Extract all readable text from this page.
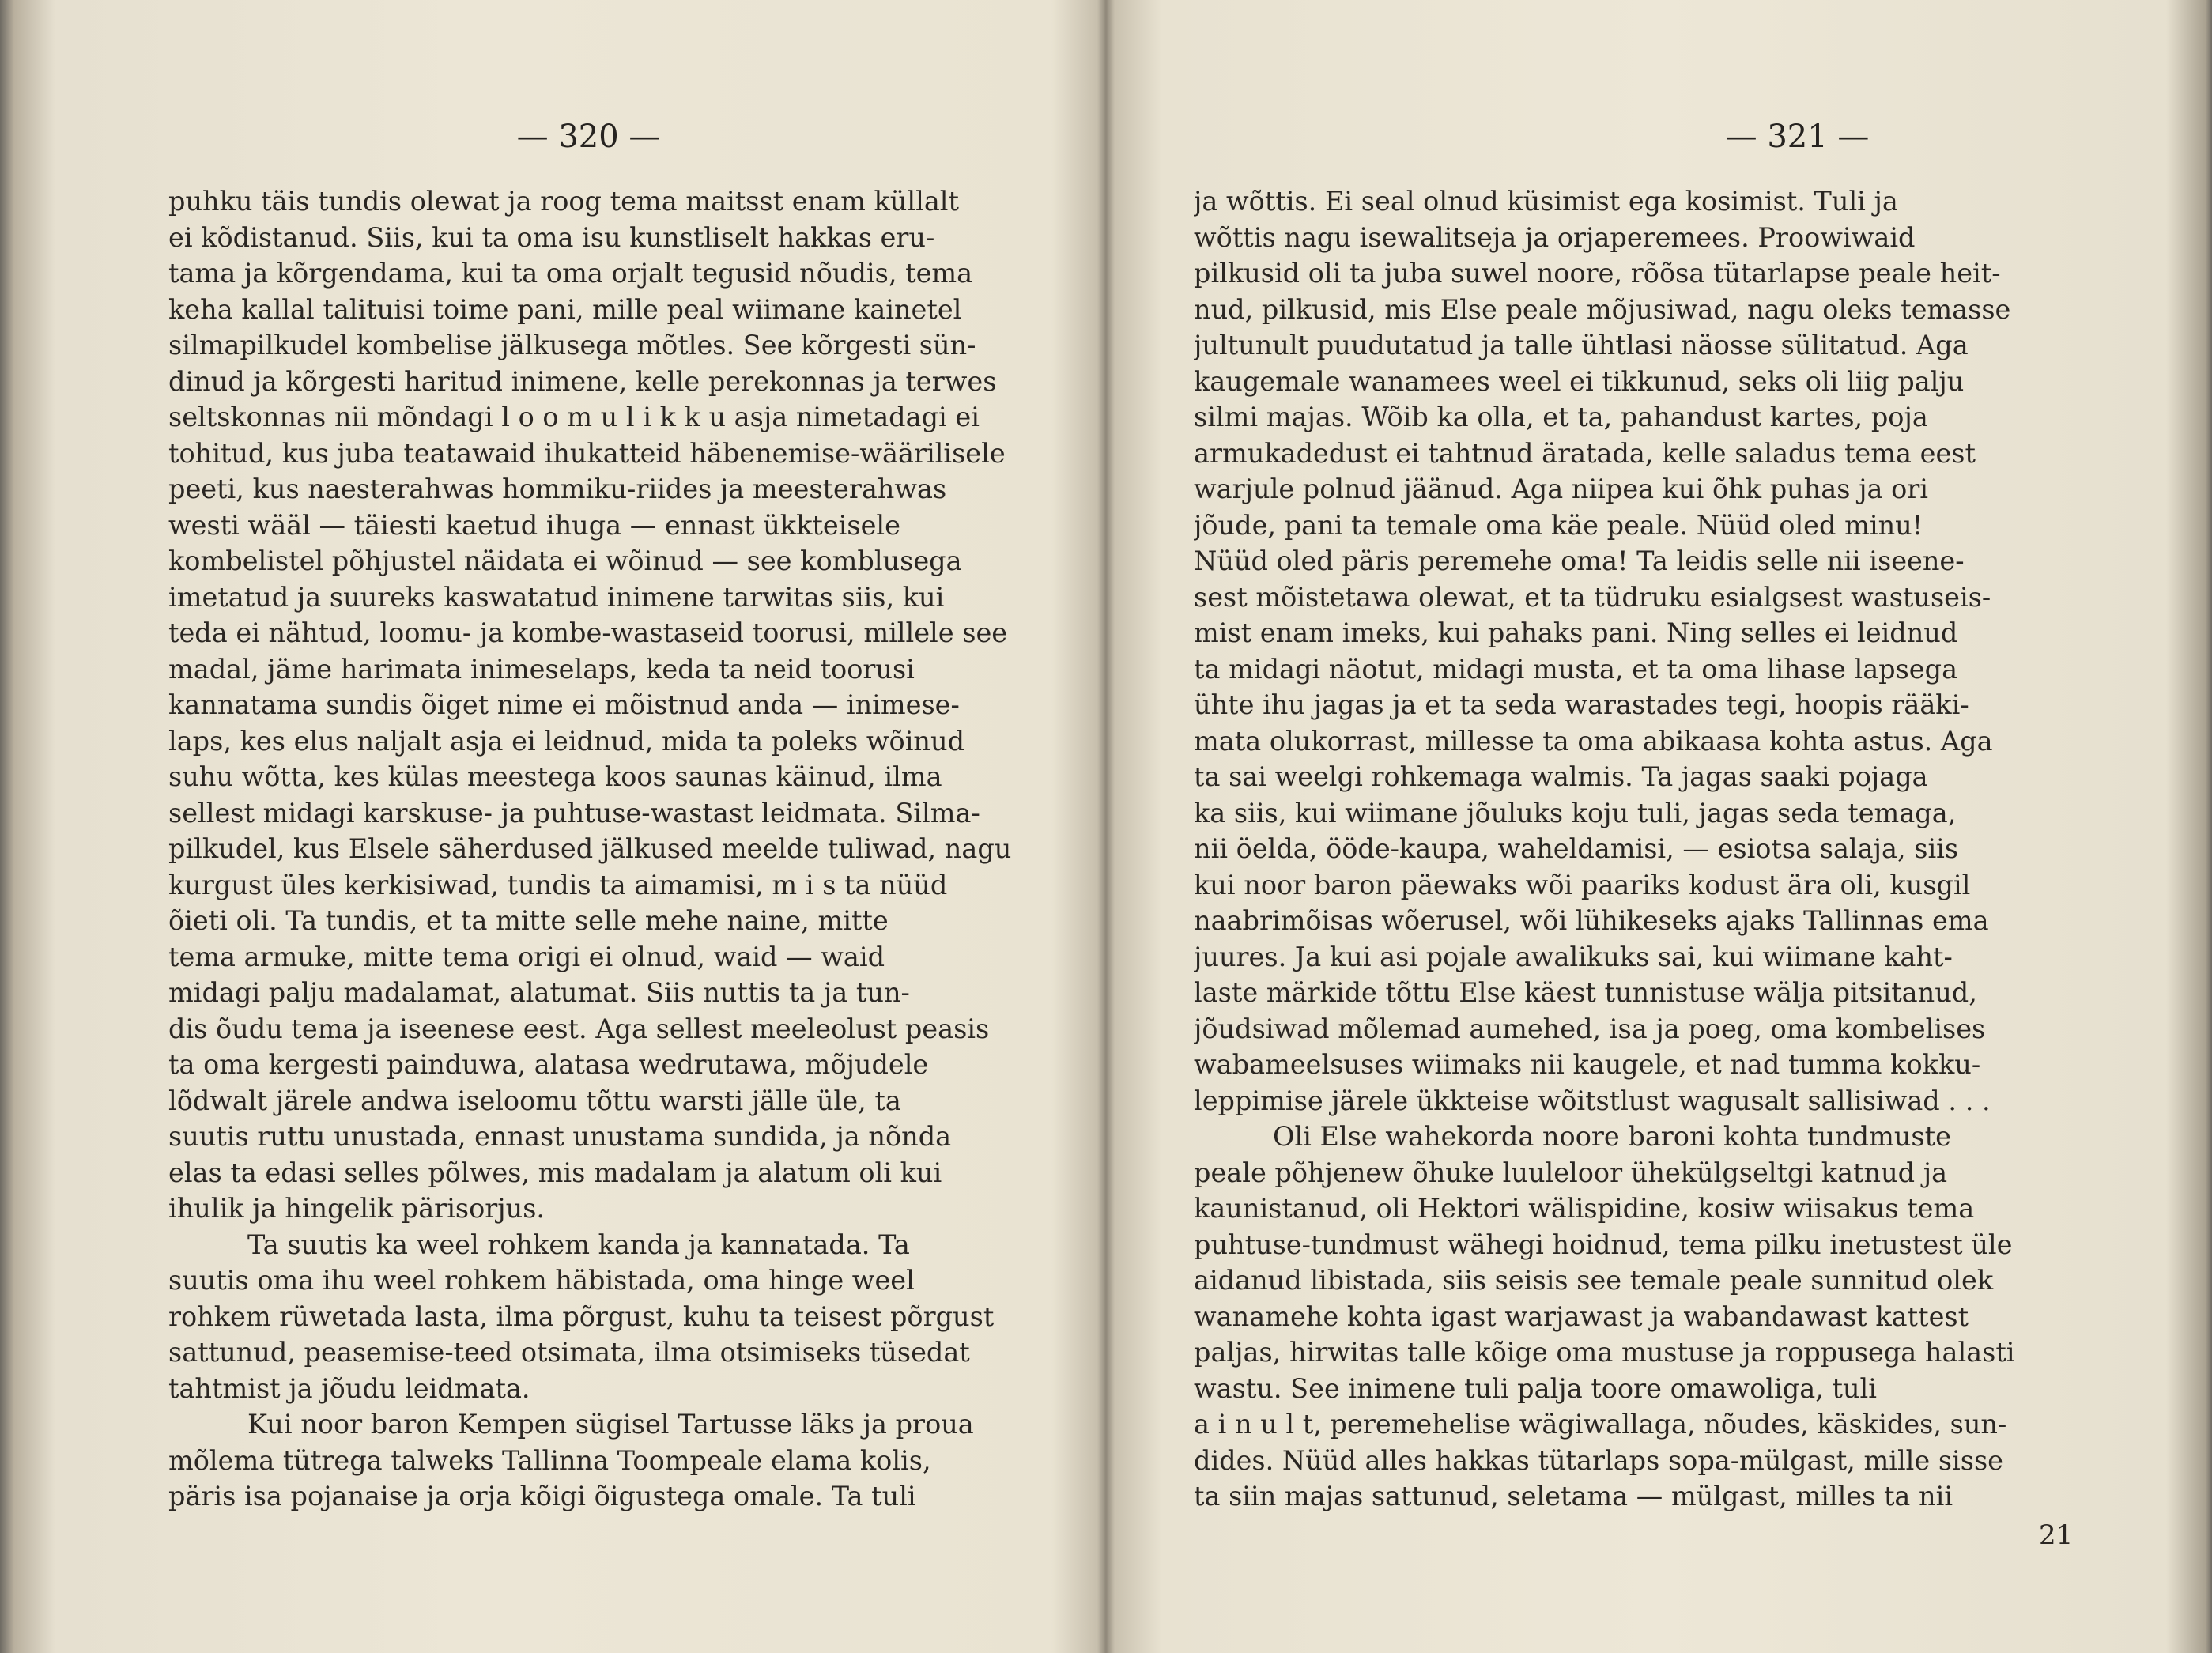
— 320 —
puhku täis tundis olewat ja roog tema maitsst enam küllalt
ei kõdistanud. Siis, kui ta oma isu kunstliselt hakkas eru-
tama ja kõrgendama, kui ta oma orjalt tegusid nõudis, tema
keha kallal talituisi toime pani, mille peal wiimane kainetel
silmapilkudel kombelise jälkusega mõtles. See kõrgesti sün-
dinud ja kõrgesti haritud inimene, kelle perekonnas ja terwes
seltskonnas nii mõndagi l o o m u l i k k u asja nimetadagi ei
tohitud, kus juba teatawaid ihukatteid häbenemise-wäärilisele
peeti, kus naesterahwas hommiku-riides ja meesterahwas
westi wääl — täiesti kaetud ihuga — ennast ükkteisele
kombelistel põhjustel näidata ei wõinud — see komblusega
imetatud ja suureks kaswatatud inimene tarwitas siis, kui
teda ei nähtud, loomu- ja kombe-wastaseid toorusi, millele see
madal, jäme harimata inimeselaps, keda ta neid toorusi
kannatama sundis õiget nime ei mõistnud anda — inimese-
laps, kes elus naljalt asja ei leidnud, mida ta poleks wõinud
suhu wõtta, kes külas meestega koos saunas käinud, ilma
sellest midagi karskuse- ja puhtuse-wastast leidmata. Silma-
pilkudel, kus Elsele säherdused jälkused meelde tuliwad, nagu
kurgust üles kerkisiwad, tundis ta aimamisi, m i s ta nüüd
õieti oli. Ta tundis, et ta mitte selle mehe naine, mitte
tema armuke, mitte tema origi ei olnud, waid — waid
midagi palju madalamat, alatumat. Siis nuttis ta ja tun-
dis õudu tema ja iseenese eest. Aga sellest meeleolust peasis
ta oma kergesti painduwa, alatasa wedrutawa, mõjudele
lõdwalt järele andwa iseloomu tõttu warsti jälle üle, ta
suutis ruttu unustada, ennast unustama sundida, ja nõnda
elas ta edasi selles põlwes, mis madalam ja alatum oli kui
ihulik ja hingelik pärisorjus.
Ta suutis ka weel rohkem kanda ja kannatada. Ta
suutis oma ihu weel rohkem häbistada, oma hinge weel
rohkem rüwetada lasta, ilma põrgust, kuhu ta teisest põrgust
sattunud, peasemise-teed otsimata, ilma otsimiseks tüsedat
tahtmist ja jõudu leidmata.
Kui noor baron Kempen sügisel Tartusse läks ja proua
mõlema tütrega talweks Tallinna Toompeale elama kolis,
päris isa pojanaise ja orja kõigi õigustega omale. Ta tuli
— 321 —
ja wõttis. Ei seal olnud küsimist ega kosimist. Tuli ja
wõttis nagu isewalitseja ja orjaperemees. Proowiwaid
pilkusid oli ta juba suwel noore, rõõsa tütarlapse peale heit-
nud, pilkusid, mis Else peale mõjusiwad, nagu oleks temasse
jultunult puudutatud ja talle ühtlasi näosse sülitatud. Aga
kaugemale wanamees weel ei tikkunud, seks oli liig palju
silmi majas. Wõib ka olla, et ta, pahandust kartes, poja
armukadedust ei tahtnud äratada, kelle saladus tema eest
warjule polnud jäänud. Aga niipea kui õhk puhas ja ori
jõude, pani ta temale oma käe peale. Nüüd oled minu!
Nüüd oled päris peremehe oma! Ta leidis selle nii iseene-
sest mõistetawa olewat, et ta tüdruku esialgsest wastuseis-
mist enam imeks, kui pahaks pani. Ning selles ei leidnud
ta midagi näotut, midagi musta, et ta oma lihase lapsega
ühte ihu jagas ja et ta seda warastades tegi, hoopis rääki-
mata olukorrast, millesse ta oma abikaasa kohta astus. Aga
ta sai weelgi rohkemaga walmis. Ta jagas saaki pojaga
ka siis, kui wiimane jõuluks koju tuli, jagas seda temaga,
nii öelda, ööde-kaupa, waheldamisi, — esiotsa salaja, siis
kui noor baron päewaks wõi paariks kodust ära oli, kusgil
naabrimõisas wõerusel, wõi lühikeseks ajaks Tallinnas ema
juures. Ja kui asi pojale awalikuks sai, kui wiimane kaht-
laste märkide tõttu Else käest tunnistuse wälja pitsitanud,
jõudsiwad mõlemad aumehed, isa ja poeg, oma kombelises
wabameelsuses wiimaks nii kaugele, et nad tumma kokku-
leppimise järele ükkteise wõitstlust wagusalt sallisiwad . . .
Oli Else wahekorda noore baroni kohta tundmuste
peale põhjenew õhuke luuleloor ühekülgseltgi katnud ja
kaunistanud, oli Hektori wälispidine, kosiw wiisakus tema
puhtuse-tundmust wähegi hoidnud, tema pilku inetustest üle
aidanud libistada, siis seisis see temale peale sunnitud olek
wanamehe kohta igast warjawast ja wabandawast kattest
paljas, hirwitas talle kõige oma mustuse ja roppusega halasti
wastu. See inimene tuli palja toore omawoliga, tuli
a i n u l t, peremehelise wägiwallaga, nõudes, käskides, sun-
dides. Nüüd alles hakkas tütarlaps sopa-mülgast, mille sisse
ta siin majas sattunud, seletama — mülgast, milles ta nii
21
